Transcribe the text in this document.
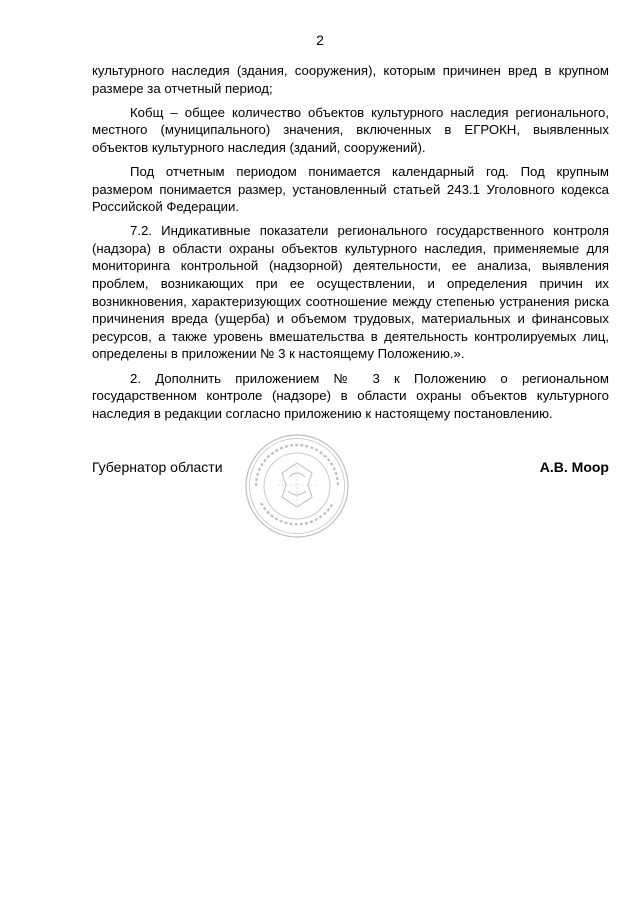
2

культурного наследия (здания, сооружения), которым причинен вред в крупном размере за отчетный период;

Кобщ – общее количество объектов культурного наследия регионального, местного (муниципального) значения, включенных в ЕГРОКН, выявленных объектов культурного наследия (зданий, сооружений).

Под отчетным периодом понимается календарный год. Под крупным размером понимается размер, установленный статьей 243.1 Уголовного кодекса Российской Федерации.

7.2. Индикативные показатели регионального государственного контроля (надзора) в области охраны объектов культурного наследия, применяемые для мониторинга контрольной (надзорной) деятельности, ее анализа, выявления проблем, возникающих при ее осуществлении, и определения причин их возникновения, характеризующих соотношение между степенью устранения риска причинения вреда (ущерба) и объемом трудовых, материальных и финансовых ресурсов, а также уровень вмешательства в деятельность контролируемых лиц, определены в приложении № 3 к настоящему Положению.».

2. Дополнить приложением № 3 к Положению о региональном государственном контроле (надзоре) в области охраны объектов культурного наследия в редакции согласно приложению к настоящему постановлению.

Губернатор области	А.В. Моор
